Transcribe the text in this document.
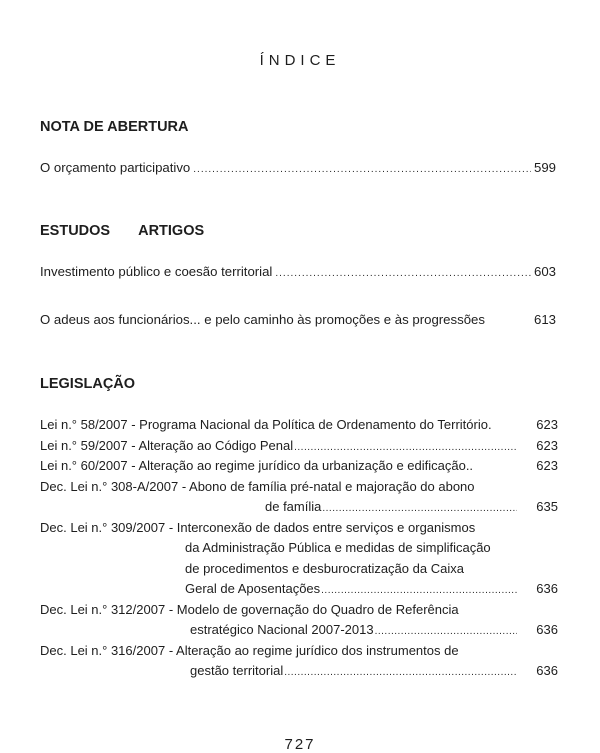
ÍNDICE
NOTA DE ABERTURA
O orçamento participativo .....	599
ESTUDOS ARTIGOS
Investimento público e coesão territorial .....	603
O adeus aos funcionários... e pelo caminho às promoções e às progressões	613
LEGISLAÇÃO
Lei n.° 58/2007
- Programa Nacional da Política de Ordenamento do Território.	623
Lei n.° 59/2007
- Alteração ao Código Penal .....	623
Lei n.° 60/2007
- Alteração ao regime jurídico da urbanização e edificação..	623
Dec. Lei n.° 308-A/2007
- Abono de família pré-natal e majoração do abono
de família .....	635
Dec. Lei n.° 309/2007
- Interconexão de dados entre serviços e organismos
da Administração Pública e medidas de simplificação
de procedimentos e desburocratização da Caixa
Geral de Aposentações .....	636
Dec. Lei n.° 312/2007
- Modelo de governação do Quadro de Referência
estratégico Nacional 2007-2013 .....	636
Dec. Lei n.° 316/2007
- Alteração ao regime jurídico dos instrumentos de
gestão territorial .....	636
727
